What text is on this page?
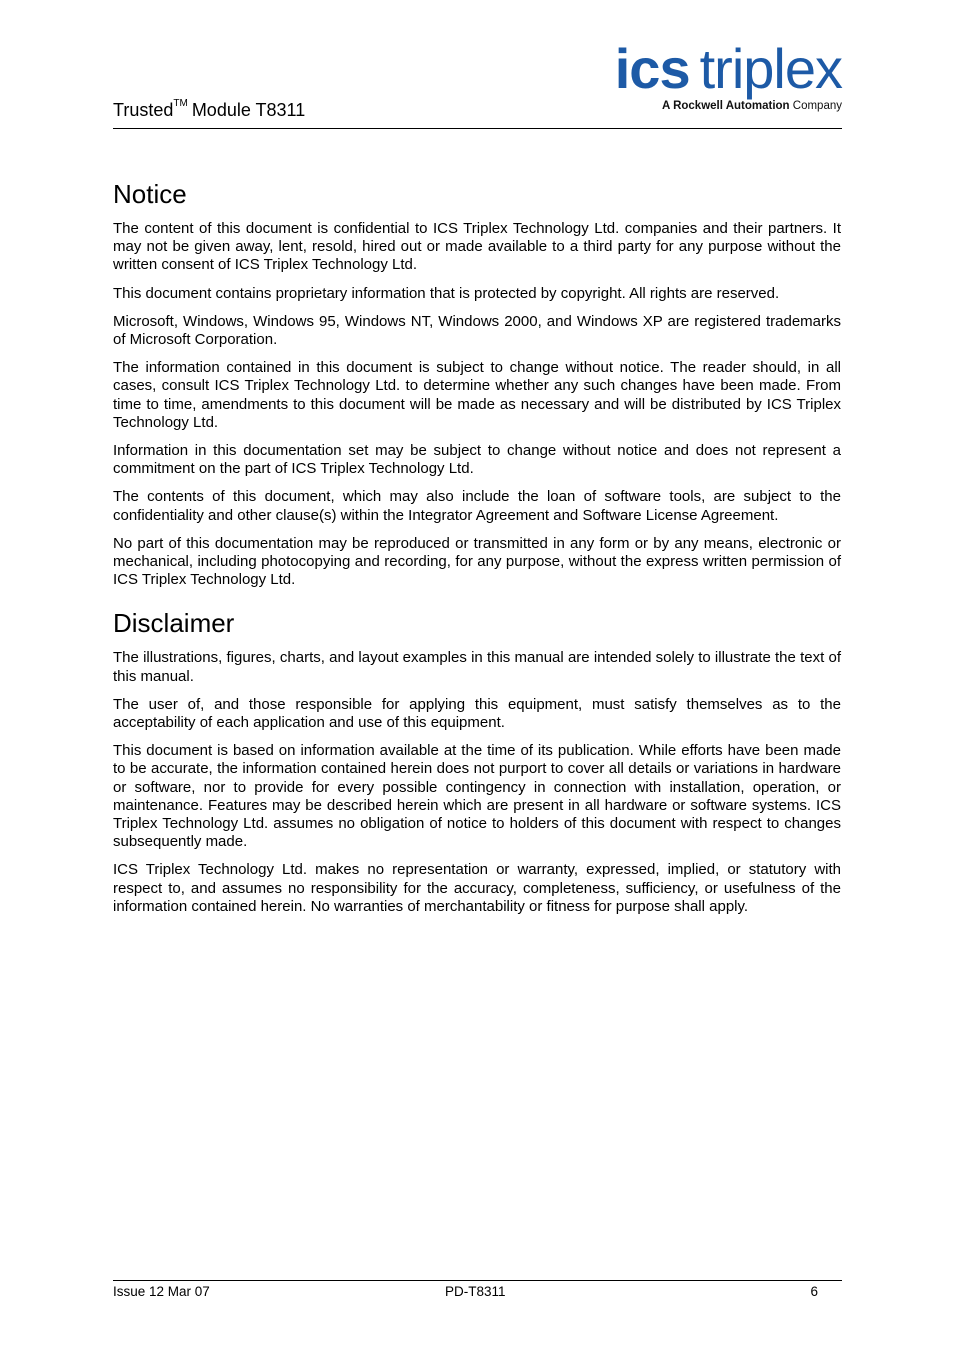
Trusted™ Module T8311
ics triplex
A Rockwell Automation Company
Notice

The content of this document is confidential to ICS Triplex Technology Ltd. companies and their partners. It may not be given away, lent, resold, hired out or made available to a third party for any purpose without the written consent of ICS Triplex Technology Ltd.

This document contains proprietary information that is protected by copyright. All rights are reserved.

Microsoft, Windows, Windows 95, Windows NT, Windows 2000, and Windows XP are registered trademarks of Microsoft Corporation.

The information contained in this document is subject to change without notice. The reader should, in all cases, consult ICS Triplex Technology Ltd. to determine whether any such changes have been made. From time to time, amendments to this document will be made as necessary and will be distributed by ICS Triplex Technology Ltd.

Information in this documentation set may be subject to change without notice and does not represent a commitment on the part of ICS Triplex Technology Ltd.

The contents of this document, which may also include the loan of software tools, are subject to the confidentiality and other clause(s) within the Integrator Agreement and Software License Agreement.

No part of this documentation may be reproduced or transmitted in any form or by any means, electronic or mechanical, including photocopying and recording, for any purpose, without the express written permission of ICS Triplex Technology Ltd.

Disclaimer

The illustrations, figures, charts, and layout examples in this manual are intended solely to illustrate the text of this manual.

The user of, and those responsible for applying this equipment, must satisfy themselves as to the acceptability of each application and use of this equipment.

This document is based on information available at the time of its publication. While efforts have been made to be accurate, the information contained herein does not purport to cover all details or variations in hardware or software, nor to provide for every possible contingency in connection with installation, operation, or maintenance. Features may be described herein which are present in all hardware or software systems. ICS Triplex Technology Ltd. assumes no obligation of notice to holders of this document with respect to changes subsequently made.

ICS Triplex Technology Ltd. makes no representation or warranty, expressed, implied, or statutory with respect to, and assumes no responsibility for the accuracy, completeness, sufficiency, or usefulness of the information contained herein. No warranties of merchantability or fitness for purpose shall apply.

Issue 12 Mar 07	PD-T8311	6
